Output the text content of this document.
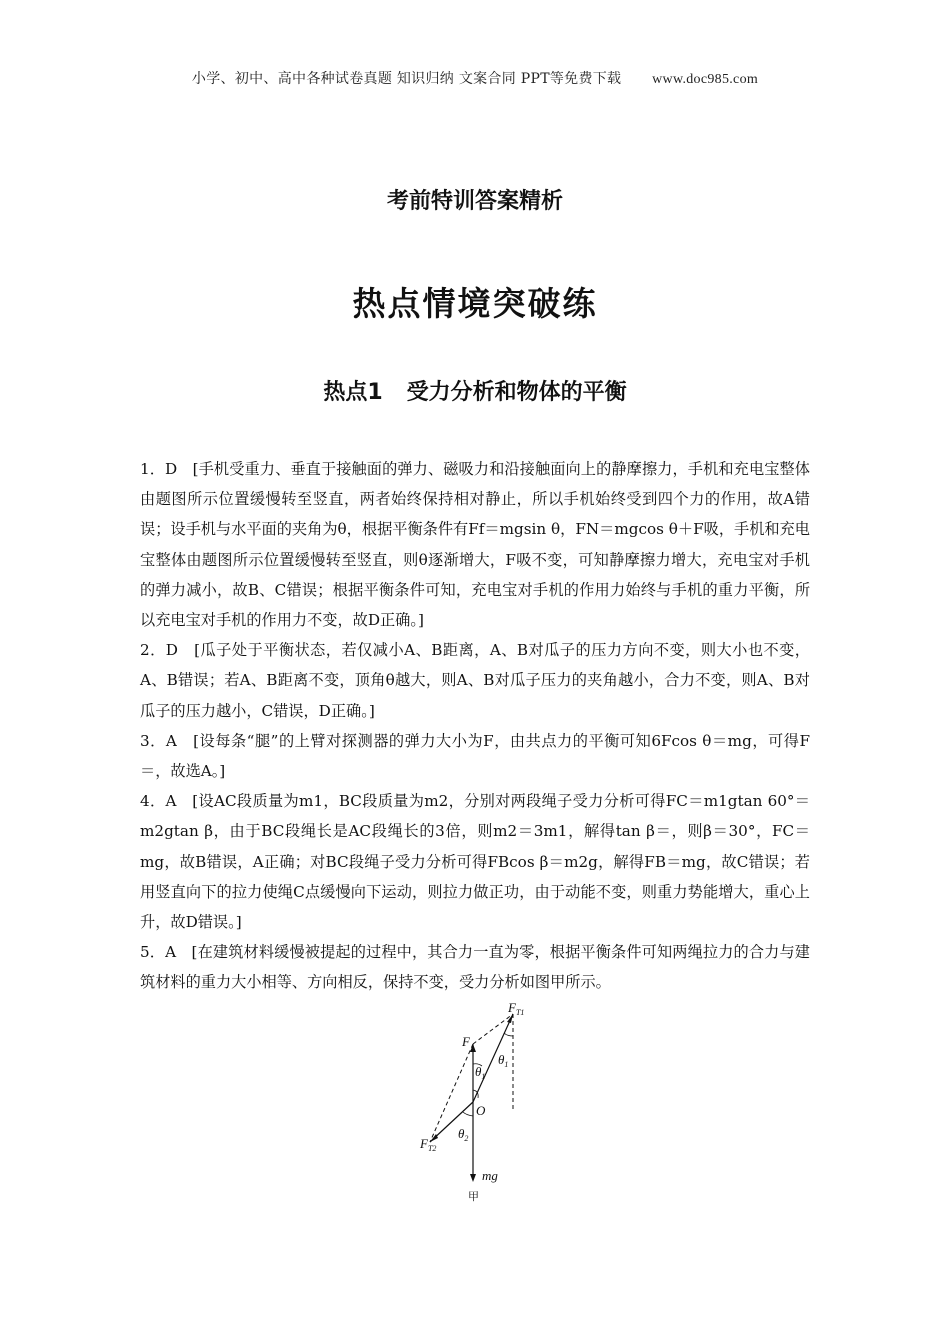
小学、初中、高中各种试卷真题 知识归纳 文案合同 PPT等免费下载 www.doc985.com
考前特训答案精析
热点情境突破练
热点1 受力分析和物体的平衡

1．D　[手机受重力、垂直于接触面的弹力、磁吸力和沿接触面向上的静摩擦力，手机和充电宝整体由题图所示位置缓慢转至竖直，两者始终保持相对静止，所以手机始终受到四个力的作用，故A错误；设手机与水平面的夹角为θ，根据平衡条件有Ff＝mgsin θ，FN＝mgcos θ＋F吸，手机和充电宝整体由题图所示位置缓慢转至竖直，则θ逐渐增大，F吸不变，可知静摩擦力增大，充电宝对手机的弹力减小，故B、C错误；根据平衡条件可知，充电宝对手机的作用力始终与手机的重力平衡，所以充电宝对手机的作用力不变，故D正确。]

2．D　[瓜子处于平衡状态，若仅减小A、B距离，A、B对瓜子的压力方向不变，则大小也不变，A、B错误；若A、B距离不变，顶角θ越大，则A、B对瓜子压力的夹角越小，合力不变，则A、B对瓜子的压力越小，C错误，D正确。]

3．A　[设每条“腿”的上臂对探测器的弹力大小为F，由共点力的平衡可知6Fcos θ＝mg，可得F＝，故选A。]

4．A　[设AC段质量为m1，BC段质量为m2，分别对两段绳子受力分析可得FC＝m1gtan 60°＝m2gtan β，由于BC段绳长是AC段绳长的3倍，则m2＝3m1，解得tan β＝，则β＝30°，FC＝mg，故B错误，A正确；对BC段绳子受力分析可得FBcos β＝m2g，解得FB＝mg，故C错误；若用竖直向下的拉力使绳C点缓慢向下运动，则拉力做正功，由于动能不变，则重力势能增大，重心上升，故D错误。]

5．A　[在建筑材料缓慢被提起的过程中，其合力一直为零，根据平衡条件可知两绳拉力的合力与建筑材料的重力大小相等、方向相反，保持不变，受力分析如图甲所示。

$F_{T1}$
F
$\theta_1$
$\theta_1$
O
$\theta_2$
$F_{T2}$
mg
甲
